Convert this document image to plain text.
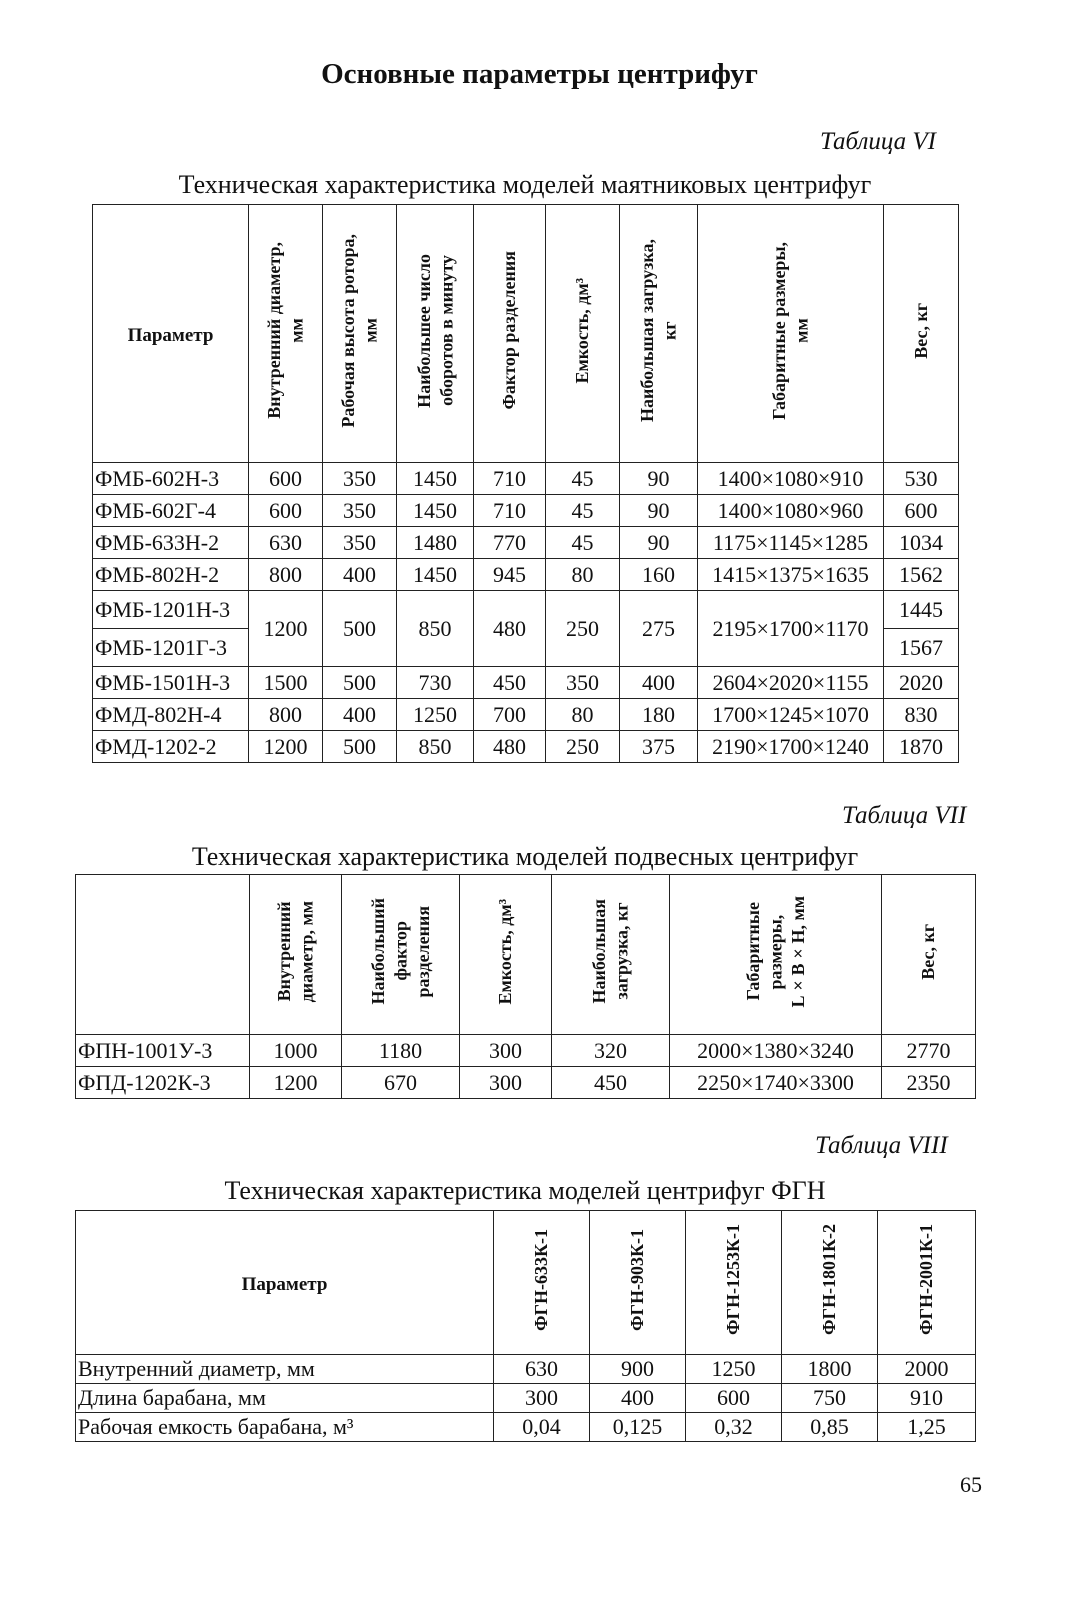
Основные параметры центрифуг
Таблица VI
Техническая характеристика моделей маятниковых центрифуг
Параметр	Внутренний диаметр, мм	Рабочая высота ротора, мм	Наибольшее число оборотов в минуту	Фактор разделения	Емкость, дм³	Наибольшая загрузка, кг	Габаритные размеры, мм	Вес, кг
ФМБ-602Н-3	600	350	1450	710	45	90	1400×1080×910	530
ФМБ-602Г-4	600	350	1450	710	45	90	1400×1080×960	600
ФМБ-633Н-2	630	350	1480	770	45	90	1175×1145×1285	1034
ФМБ-802Н-2	800	400	1450	945	80	160	1415×1375×1635	1562
ФМБ-1201Н-3	1200	500	850	480	250	275	2195×1700×1170	1445
ФМБ-1201Г-3								1567
ФМБ-1501Н-3	1500	500	730	450	350	400	2604×2020×1155	2020
ФМД-802Н-4	800	400	1250	700	80	180	1700×1245×1070	830
ФМД-1202-2	1200	500	850	480	250	375	2190×1700×1240	1870
Таблица VII
Техническая характеристика моделей подвесных центрифуг
	Внутренний диаметр, мм	Наибольший фактор разделения	Емкость, дм³	Наибольшая загрузка, кг	Габаритные размеры, L×B×H, мм	Вес, кг
ФПН-1001У-3	1000	1180	300	320	2000×1380×3240	2770
ФПД-1202К-3	1200	670	300	450	2250×1740×3300	2350
Таблица VIII
Техническая характеристика моделей центрифуг ФГН
Параметр	ФГН-633К-1	ФГН-903К-1	ФГН-1253К-1	ФГН-1801К-2	ФГН-2001К-1
Внутренний диаметр, мм	630	900	1250	1800	2000
Длина барабана, мм	300	400	600	750	910
Рабочая емкость барабана, м³	0,04	0,125	0,32	0,85	1,25
65
